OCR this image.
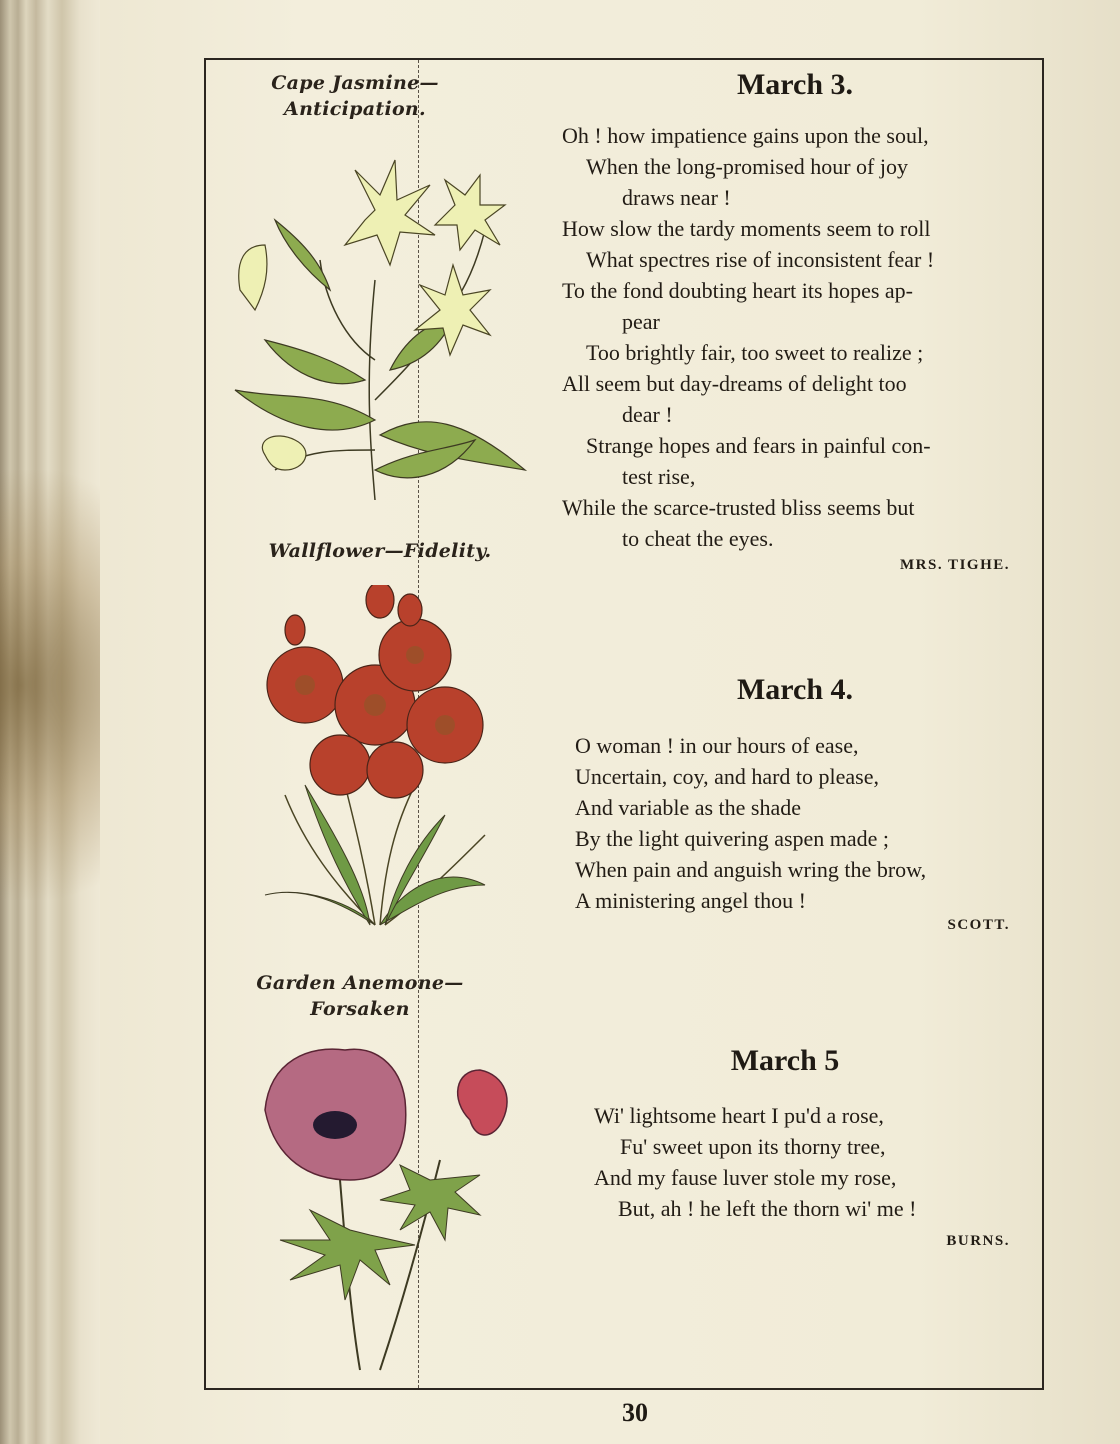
Cape Jasmine—
Anticipation.
Wallflower—Fidelity.
Garden Anemone—
Forsaken
March 3.
Oh ! how impatience gains upon the soul,
When the long-promised hour of joy
draws near !
How slow the tardy moments seem to roll
What spectres rise of inconsistent fear !
To the fond doubting heart its hopes ap-
pear
Too brightly fair, too sweet to realize ;
All seem but day-dreams of delight too
dear !
Strange hopes and fears in painful con-
test rise,
While the scarce-trusted bliss seems but
to cheat the eyes.
MRS. TIGHE.
March 4.
O woman ! in our hours of ease,
Uncertain, coy, and hard to please,
And variable as the shade
By the light quivering aspen made ;
When pain and anguish wring the brow,
A ministering angel thou !
SCOTT.
March 5
Wi' lightsome heart I pu'd a rose,
Fu' sweet upon its thorny tree,
And my fause luver stole my rose,
But, ah ! he left the thorn wi' me !
BURNS.
30
